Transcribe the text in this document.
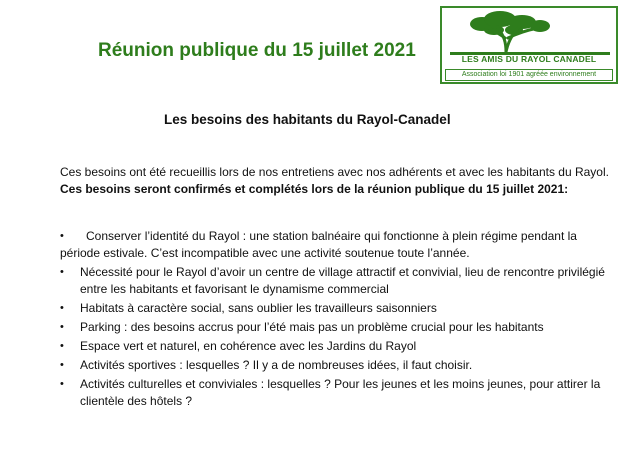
Réunion publique du 15 juillet 2021	LES AMIS DU RAYOL CANADEL
Association loi 1901 agréée environnement
Les besoins des habitants du Rayol-Canadel
Ces besoins ont été recueillis lors de nos entretiens avec nos adhérents et avec les habitants du Rayol. Ces besoins seront confirmés et complétés lors de la réunion publique du 15 juillet 2021:
• Conserver l’identité du Rayol : une station balnéaire qui fonctionne à plein régime pendant la période estivale. C’est incompatible avec une activité soutenue toute l’année.
• Nécessité pour le Rayol d’avoir un centre de village attractif et convivial, lieu de rencontre privilégié entre les habitants et favorisant le dynamisme commercial
• Habitats à caractère social, sans oublier les travailleurs saisonniers
• Parking : des besoins accrus pour l’été mais pas un problème crucial pour les habitants
• Espace vert et naturel, en cohérence avec les Jardins du Rayol
• Activités sportives : lesquelles ? Il y a de nombreuses idées, il faut choisir.
• Activités culturelles et conviviales : lesquelles ? Pour les jeunes et les moins jeunes, pour attirer la clientèle des hôtels ?
